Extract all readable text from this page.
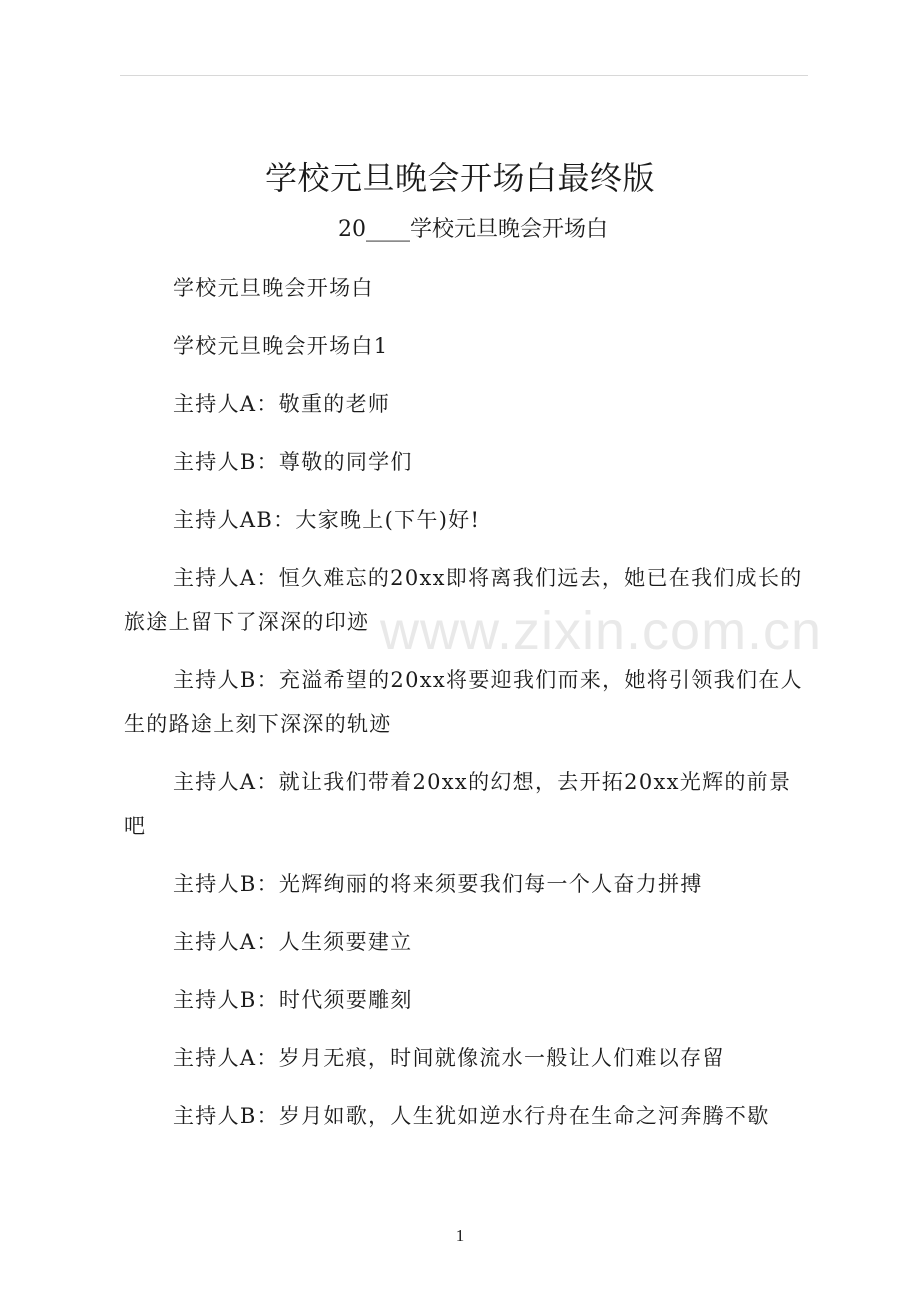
www.zixin.com.cn
学校元旦晚会开场白最终版
20____学校元旦晚会开场白

学校元旦晚会开场白

学校元旦晚会开场白1

主持人A：敬重的老师

主持人B：尊敬的同学们

主持人AB：大家晚上(下午)好!

主持人A：恒久难忘的20xx即将离我们远去，她已在我们成长的旅途上留下了深深的印迹

主持人B：充溢希望的20xx将要迎我们而来，她将引领我们在人生的路途上刻下深深的轨迹

主持人A：就让我们带着20xx的幻想，去开拓20xx光辉的前景吧

主持人B：光辉绚丽的将来须要我们每一个人奋力拼搏

主持人A：人生须要建立

主持人B：时代须要雕刻

主持人A：岁月无痕，时间就像流水一般让人们难以存留

主持人B：岁月如歌，人生犹如逆水行舟在生命之河奔腾不歇

1
